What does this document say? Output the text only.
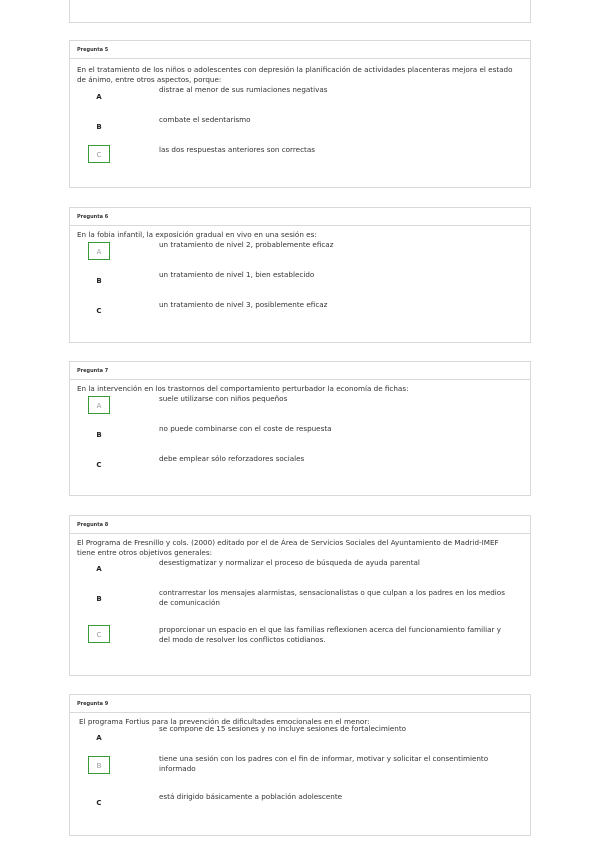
Pregunta 5
En el tratamiento de los niños o adolescentes con depresión la planificación de actividades placenteras mejora el estado de ánimo, entre otros aspectos, porque:
A
distrae al menor de sus rumiaciones negativas
B
combate el sedentarismo
C
las dos respuestas anteriores son correctas
Pregunta 6
En la fobia infantil, la exposición gradual en vivo en una sesión es:
A
un tratamiento de nivel 2, probablemente eficaz
B
un tratamiento de nivel 1, bien establecido
C
un tratamiento de nivel 3, posiblemente eficaz
Pregunta 7
En la intervención en los trastornos del comportamiento perturbador la economía de fichas:
A
suele utilizarse con niños pequeños
B
no puede combinarse con el coste de respuesta
C
debe emplear sólo reforzadores sociales
Pregunta 8
El Programa de Fresnillo y cols. (2000) editado por el de Área de Servicios Sociales del Ayuntamiento de Madrid-IMEF tiene entre otros objetivos generales:
A
desestigmatizar y normalizar el proceso de búsqueda de ayuda parental
B
contrarrestar los mensajes alarmistas, sensacionalistas o que culpan a los padres en los medios de comunicación
C
proporcionar un espacio en el que las familias reflexionen acerca del funcionamiento familiar y del modo de resolver los conflictos cotidianos.
Pregunta 9
El programa Fortius para la prevención de dificultades emocionales en el menor:
A
se compone de 15 sesiones y no incluye sesiones de fortalecimiento
B
tiene una sesión con los padres con el fin de informar, motivar y solicitar el consentimiento informado
C
está dirigido básicamente a población adolescente
